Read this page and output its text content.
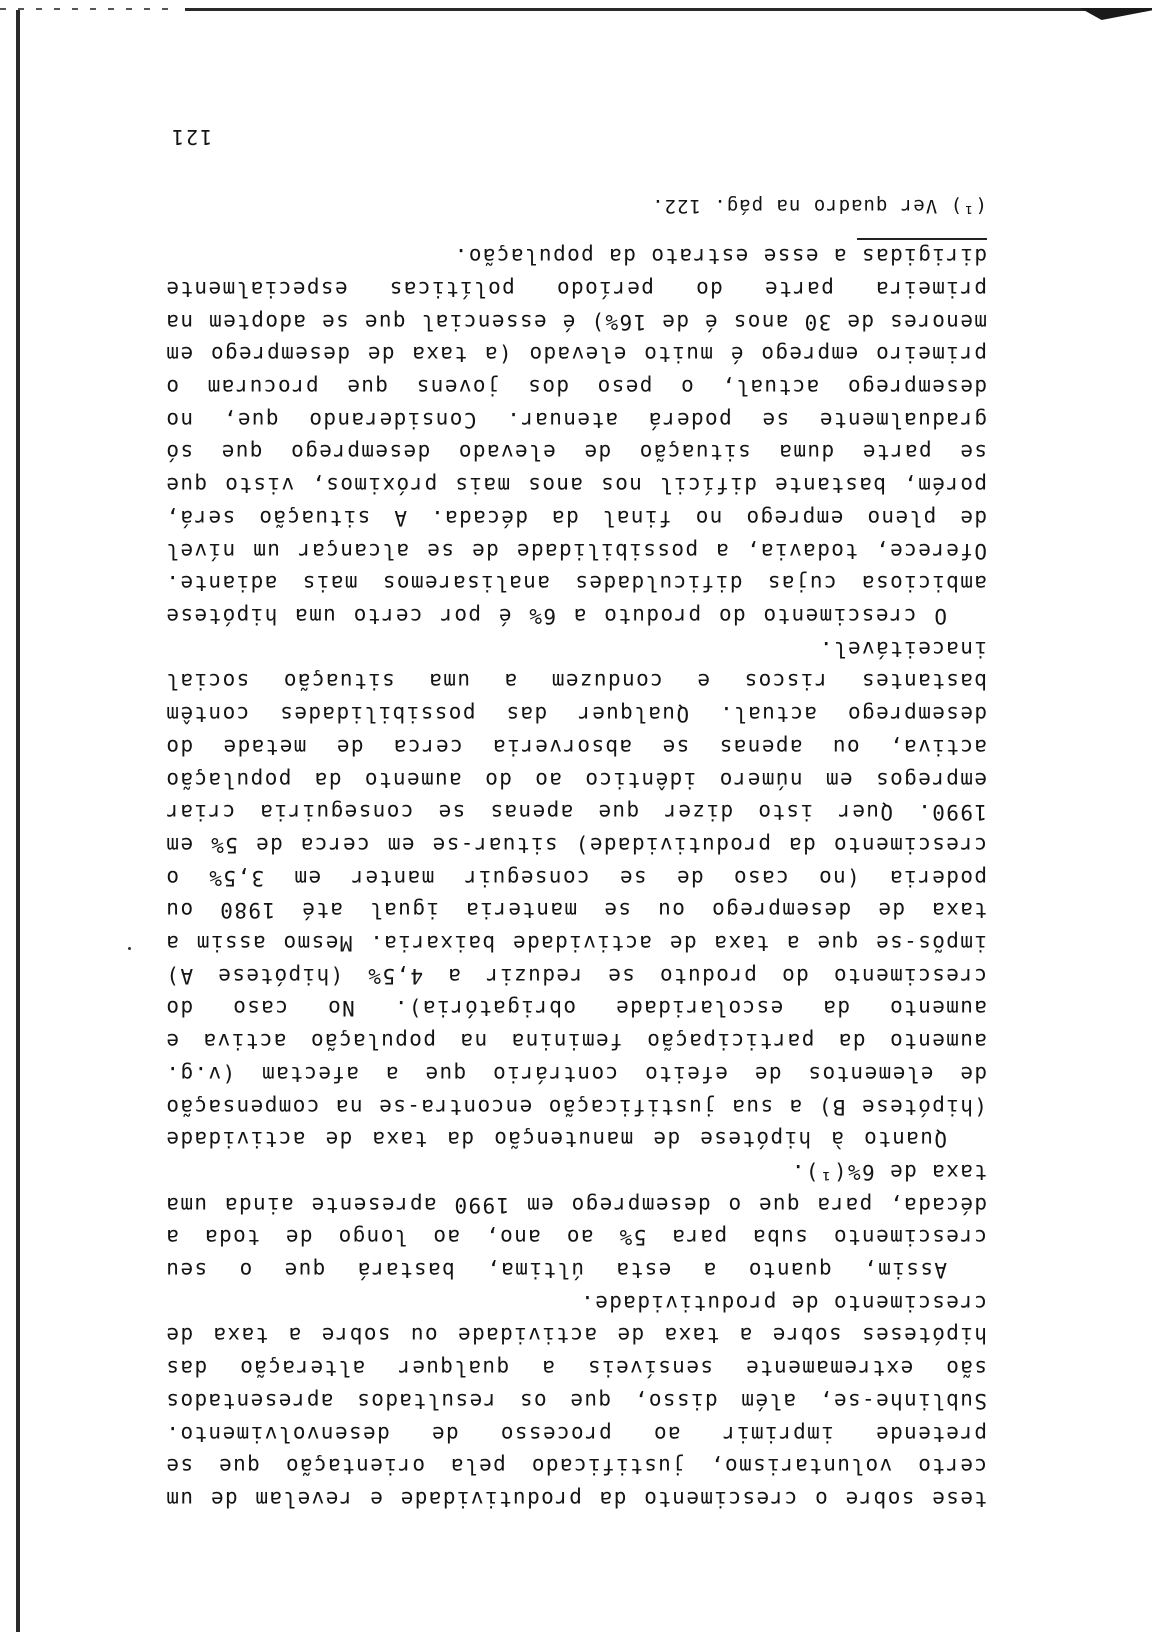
tese sobre o crescimento da produtividade e revelam de um certo voluntarismo, justificado pela orientação que se pretende imprimir ao processo de desenvolvimento. Sublinhe-se, além disso, que os resultados apresentados são extremamente sensíveis a qualquer alteração das hipóteses sobre a taxa de actividade ou sobre a taxa de crescimento de produtividade.

Assim, quanto a esta última, bastará que o seu crescimento suba para 5% ao ano, ao longo de toda a década, para que o desemprego em 1990 apresente ainda uma taxa de 6%(¹).

Quanto à hipótese de manutenção da taxa de actividade (hipótese B) a sua justificação encontra-se na compensação de elementos de efeito contrário que a afectam (v.g. aumento da participação feminina na população activa e aumento da escolaridade obrigatória). No caso do crescimento do produto se reduzir a 4,5% (hipótese A) impõs-se que a taxa de actividade baixaria. Mesmo assim a taxa de desemprego ou se manteria igual até 1980 ou poderia (no caso de se conseguir manter em 3,5% o crescimento da produtividade) situar-se em cerca de 5% em 1990. Quer isto dizer que apenas se conseguiria criar empregos em número idêntico ao do aumento da população activa, ou apenas se absorveria cerca de metade do desemprego actual. Qualquer das possibilidades contêm bastantes riscos e conduzem a uma situação social inaceitável.

O crescimento do produto a 6% é por certo uma hipótese ambiciosa cujas dificuldades analisaremos mais adiante. Oferece, todavia, a possibilidade de se alcançar um nível de pleno emprego no final da década. A situação será, porém, bastante difícil nos anos mais próximos, visto que se parte duma situação de elevado desemprego que só gradualmente se poderá atenuar. Considerando que, no desemprego actual, o peso dos jovens que procuram o primeiro emprego é muito elevado (a taxa de desemprego em menores de 30 anos é de 16%) é essencial que se adoptem na primeira parte do período políticas especialmente dirigidas a esse estrato da população.

(¹) Ver quadro na pág. 122.
121
